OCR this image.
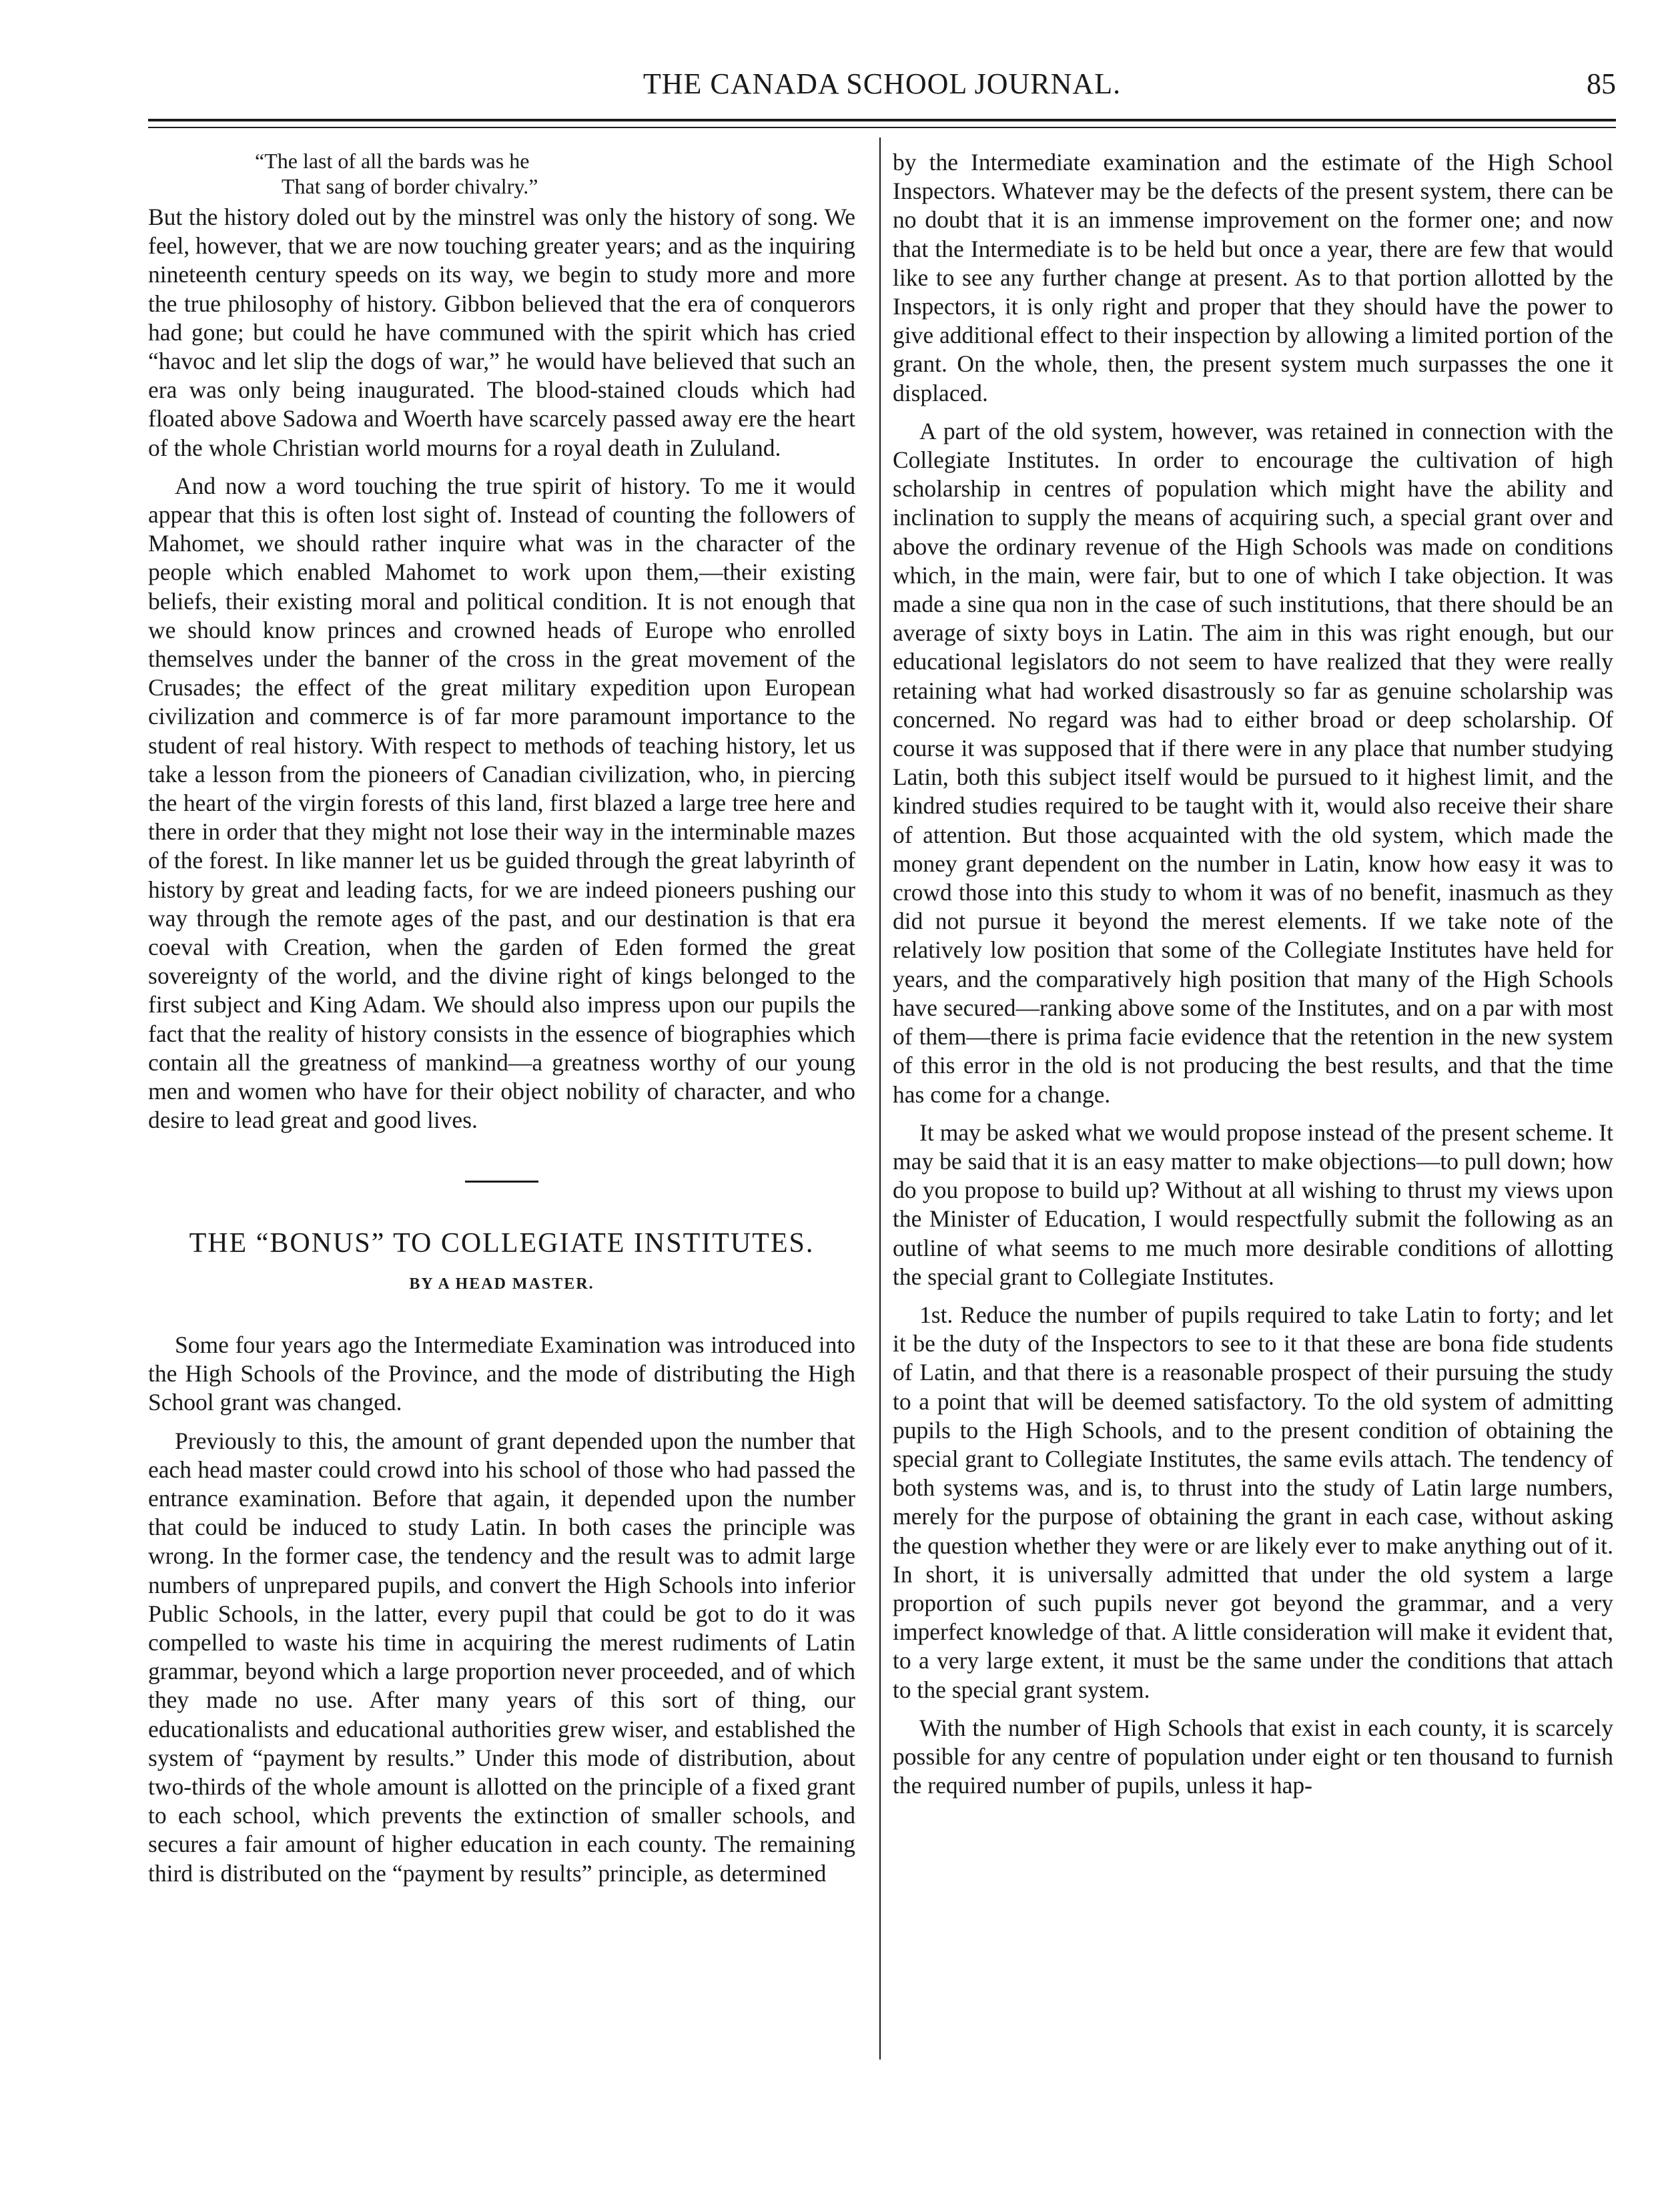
THE CANADA SCHOOL JOURNAL.	85
“The last of all the bards was he
That sang of border chivalry.”

But the history doled out by the minstrel was only the history of song. We feel, however, that we are now touching greater years; and as the inquiring nineteenth century speeds on its way, we begin to study more and more the true philosophy of history. Gibbon believed that the era of conquerors had gone; but could he have communed with the spirit which has cried “havoc and let slip the dogs of war,” he would have believed that such an era was only being inaugurated. The blood-stained clouds which had floated above Sadowa and Woerth have scarcely passed away ere the heart of the whole Christian world mourns for a royal death in Zululand.

And now a word touching the true spirit of history. To me it would appear that this is often lost sight of. Instead of counting the followers of Mahomet, we should rather inquire what was in the character of the people which enabled Mahomet to work upon them,—their existing beliefs, their existing moral and political condition. It is not enough that we should know princes and crowned heads of Europe who enrolled themselves under the banner of the cross in the great movement of the Crusades; the effect of the great military expedition upon European civilization and commerce is of far more paramount importance to the student of real history. With respect to methods of teaching history, let us take a lesson from the pioneers of Canadian civilization, who, in piercing the heart of the virgin forests of this land, first blazed a large tree here and there in order that they might not lose their way in the interminable mazes of the forest. In like manner let us be guided through the great labyrinth of history by great and leading facts, for we are indeed pioneers pushing our way through the remote ages of the past, and our destination is that era coeval with Creation, when the garden of Eden formed the great sovereignty of the world, and the divine right of kings belonged to the first subject and King Adam. We should also impress upon our pupils the fact that the reality of history consists in the essence of biographies which contain all the greatness of mankind—a greatness worthy of our young men and women who have for their object nobility of character, and who desire to lead great and good lives.

THE “BONUS” TO COLLEGIATE INSTITUTES.
BY A HEAD MASTER.

Some four years ago the Intermediate Examination was introduced into the High Schools of the Province, and the mode of distributing the High School grant was changed.

Previously to this, the amount of grant depended upon the number that each head master could crowd into his school of those who had passed the entrance examination. Before that again, it depended upon the number that could be induced to study Latin. In both cases the principle was wrong. In the former case, the tendency and the result was to admit large numbers of unprepared pupils, and convert the High Schools into inferior Public Schools, in the latter, every pupil that could be got to do it was compelled to waste his time in acquiring the merest rudiments of Latin grammar, beyond which a large proportion never proceeded, and of which they made no use. After many years of this sort of thing, our educationalists and educational authorities grew wiser, and established the system of “payment by results.” Under this mode of distribution, about two-thirds of the whole amount is allotted on the principle of a fixed grant to each school, which prevents the extinction of smaller schools, and secures a fair amount of higher education in each county. The remaining third is distributed on the “payment by results” principle, as determined

by the Intermediate examination and the estimate of the High School Inspectors. Whatever may be the defects of the present system, there can be no doubt that it is an immense improvement on the former one; and now that the Intermediate is to be held but once a year, there are few that would like to see any further change at present. As to that portion allotted by the Inspectors, it is only right and proper that they should have the power to give additional effect to their inspection by allowing a limited portion of the grant. On the whole, then, the present system much surpasses the one it displaced.

A part of the old system, however, was retained in connection with the Collegiate Institutes. In order to encourage the cultivation of high scholarship in centres of population which might have the ability and inclination to supply the means of acquiring such, a special grant over and above the ordinary revenue of the High Schools was made on conditions which, in the main, were fair, but to one of which I take objection. It was made a sine qua non in the case of such institutions, that there should be an average of sixty boys in Latin. The aim in this was right enough, but our educational legislators do not seem to have realized that they were really retaining what had worked disastrously so far as genuine scholarship was concerned. No regard was had to either broad or deep scholarship. Of course it was supposed that if there were in any place that number studying Latin, both this subject itself would be pursued to it highest limit, and the kindred studies required to be taught with it, would also receive their share of attention. But those acquainted with the old system, which made the money grant dependent on the number in Latin, know how easy it was to crowd those into this study to whom it was of no benefit, inasmuch as they did not pursue it beyond the merest elements. If we take note of the relatively low position that some of the Collegiate Institutes have held for years, and the comparatively high position that many of the High Schools have secured—ranking above some of the Institutes, and on a par with most of them—there is prima facie evidence that the retention in the new system of this error in the old is not producing the best results, and that the time has come for a change.

It may be asked what we would propose instead of the present scheme. It may be said that it is an easy matter to make objections—to pull down; how do you propose to build up? Without at all wishing to thrust my views upon the Minister of Education, I would respectfully submit the following as an outline of what seems to me much more desirable conditions of allotting the special grant to Collegiate Institutes.

1st. Reduce the number of pupils required to take Latin to forty; and let it be the duty of the Inspectors to see to it that these are bona fide students of Latin, and that there is a reasonable prospect of their pursuing the study to a point that will be deemed satisfactory. To the old system of admitting pupils to the High Schools, and to the present condition of obtaining the special grant to Collegiate Institutes, the same evils attach. The tendency of both systems was, and is, to thrust into the study of Latin large numbers, merely for the purpose of obtaining the grant in each case, without asking the question whether they were or are likely ever to make anything out of it. In short, it is universally admitted that under the old system a large proportion of such pupils never got beyond the grammar, and a very imperfect knowledge of that. A little consideration will make it evident that, to a very large extent, it must be the same under the conditions that attach to the special grant system.

With the number of High Schools that exist in each county, it is scarcely possible for any centre of population under eight or ten thousand to furnish the required number of pupils, unless it hap-
